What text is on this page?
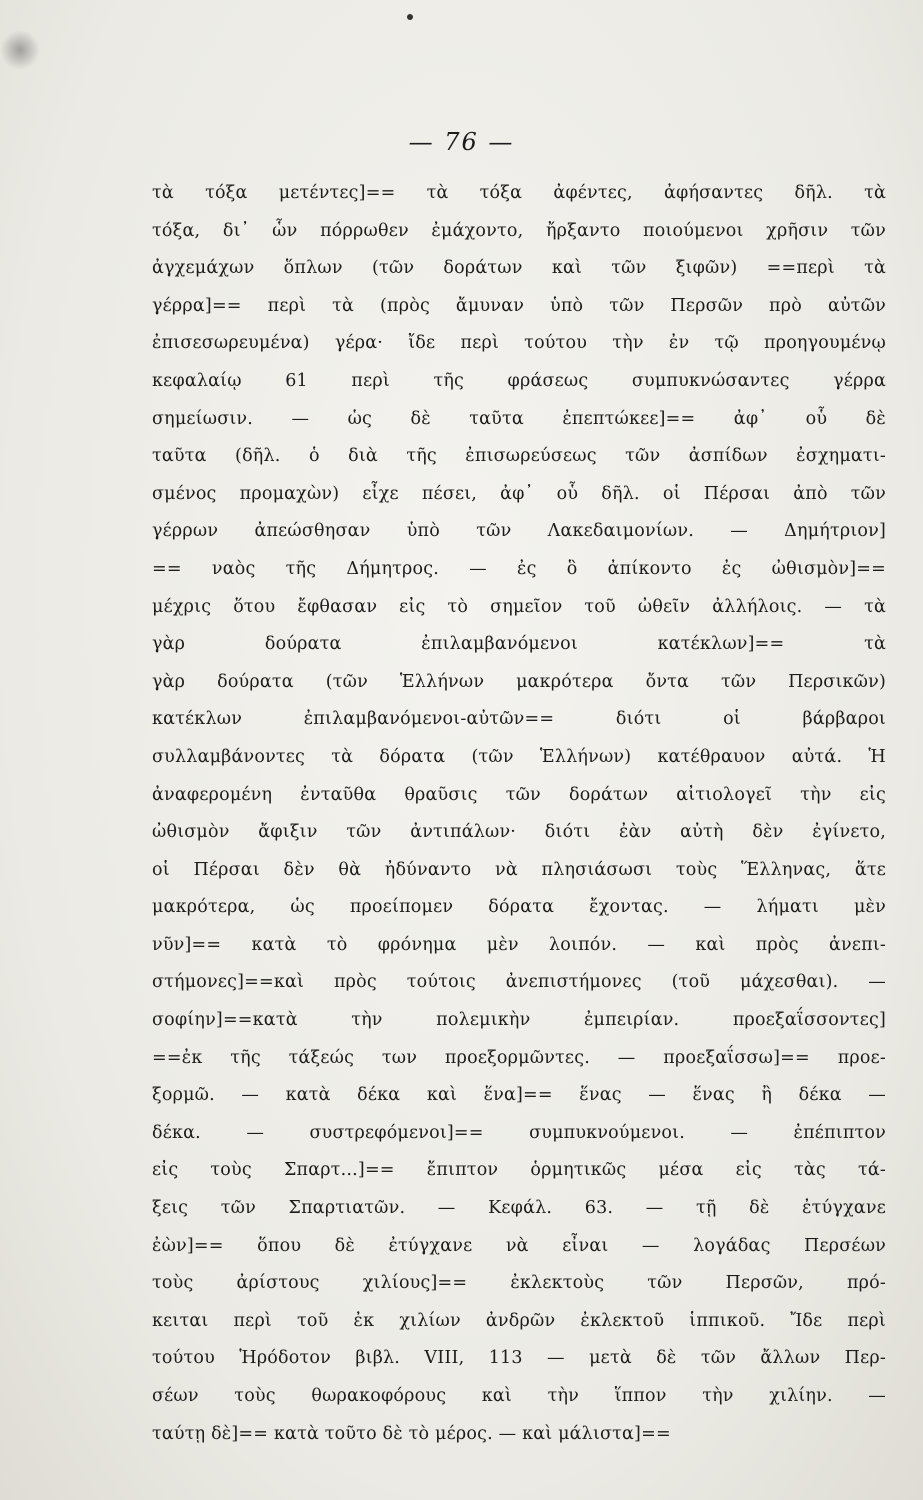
— 76 —
τὰ τόξα μετέντες]== τὰ τόξα ἀφέντες, ἀφήσαντες δῆλ. τὰ
τόξα, δι᾽ ὧν πόρρωθεν ἐμάχοντο, ἤρξαντο ποιούμενοι χρῆσιν τῶν
ἀγχεμάχων ὅπλων (τῶν δοράτων καὶ τῶν ξιφῶν) ==περὶ τὰ
γέρρα]== περὶ τὰ (πρὸς ἄμυναν ὑπὸ τῶν Περσῶν πρὸ αὐτῶν
ἐπισεσωρευμένα) γέρα· ἴδε περὶ τούτου τὴν ἐν τῷ προηγουμένῳ
κεφαλαίῳ 61 περὶ τῆς φράσεως συμπυκνώσαντες γέρρα
σημείωσιν. — ὡς δὲ ταῦτα ἐπεπτώκεε]== ἀφ᾽ οὗ δὲ
ταῦτα (δῆλ. ὁ διὰ τῆς ἐπισωρεύσεως τῶν ἀσπίδων ἐσχηματι-
σμένος προμαχὼν) εἶχε πέσει, ἀφ᾽ οὗ δῆλ. οἱ Πέρσαι ἀπὸ τῶν
γέρρων ἀπεώσθησαν ὑπὸ τῶν Λακεδαιμονίων. — Δημήτριον]
== ναὸς τῆς Δήμητρος. — ἐς ὃ ἀπίκοντο ἐς ὠθισμὸν]==
μέχρις ὅτου ἔφθασαν εἰς τὸ σημεῖον τοῦ ὠθεῖν ἀλλήλοις. — τὰ
γὰρ δούρατα ἐπιλαμβανόμενοι κατέκλων]== τὰ
γὰρ δούρατα (τῶν Ἑλλήνων μακρότερα ὄντα τῶν Περσικῶν)
κατέκλων ἐπιλαμβανόμενοι-αὐτῶν== διότι οἱ βάρβαροι
συλλαμβάνοντες τὰ δόρατα (τῶν Ἑλλήνων) κατέθραυον αὐτά. Ἡ
ἀναφερομένη ἐνταῦθα θραῦσις τῶν δοράτων αἰτιολογεῖ τὴν εἰς
ὠθισμὸν ἄφιξιν τῶν ἀντιπάλων· διότι ἐὰν αὐτὴ δὲν ἐγίνετο,
οἱ Πέρσαι δὲν θὰ ἠδύναντο νὰ πλησιάσωσι τοὺς Ἕλληνας, ἅτε
μακρότερα, ὡς προείπομεν δόρατα ἔχοντας. — λήματι μὲν
νῦν]== κατὰ τὸ φρόνημα μὲν λοιπόν. — καὶ πρὸς ἀνεπι-
στήμονες]==καὶ πρὸς τούτοις ἀνεπιστήμονες (τοῦ μάχεσθαι). —
σοφίην]==κατὰ τὴν πολεμικὴν ἐμπειρίαν. προεξαΐσσοντες]
==ἐκ τῆς τάξεώς των προεξορμῶντες. — προεξαΐσσω]== προε-
ξορμῶ. — κατὰ δέκα καὶ ἕνα]== ἕνας — ἕνας ἢ δέκα —
δέκα. — συστρεφόμενοι]== συμπυκνούμενοι. — ἐπέπιπτον
εἰς τοὺς Σπαρτ...]== ἔπιπτον ὁρμητικῶς μέσα εἰς τὰς τά-
ξεις τῶν Σπαρτιατῶν. — Κεφάλ. 63. — τῇ δὲ ἐτύγχανε
ἐὼν]== ὅπου δὲ ἐτύγχανε νὰ εἶναι — λογάδας Περσέων
τοὺς ἀρίστους χιλίους]== ἐκλεκτοὺς τῶν Περσῶν, πρό-
κειται περὶ τοῦ ἐκ χιλίων ἀνδρῶν ἐκλεκτοῦ ἱππικοῦ. Ἴδε περὶ
τούτου Ἡρόδοτον βιβλ. VIII, 113 — μετὰ δὲ τῶν ἄλλων Περ-
σέων τοὺς θωρακοφόρους καὶ τὴν ἵππον τὴν χιλίην. —
ταύτῃ δὲ]== κατὰ τοῦτο δὲ τὸ μέρος. — καὶ μάλιστα]==
